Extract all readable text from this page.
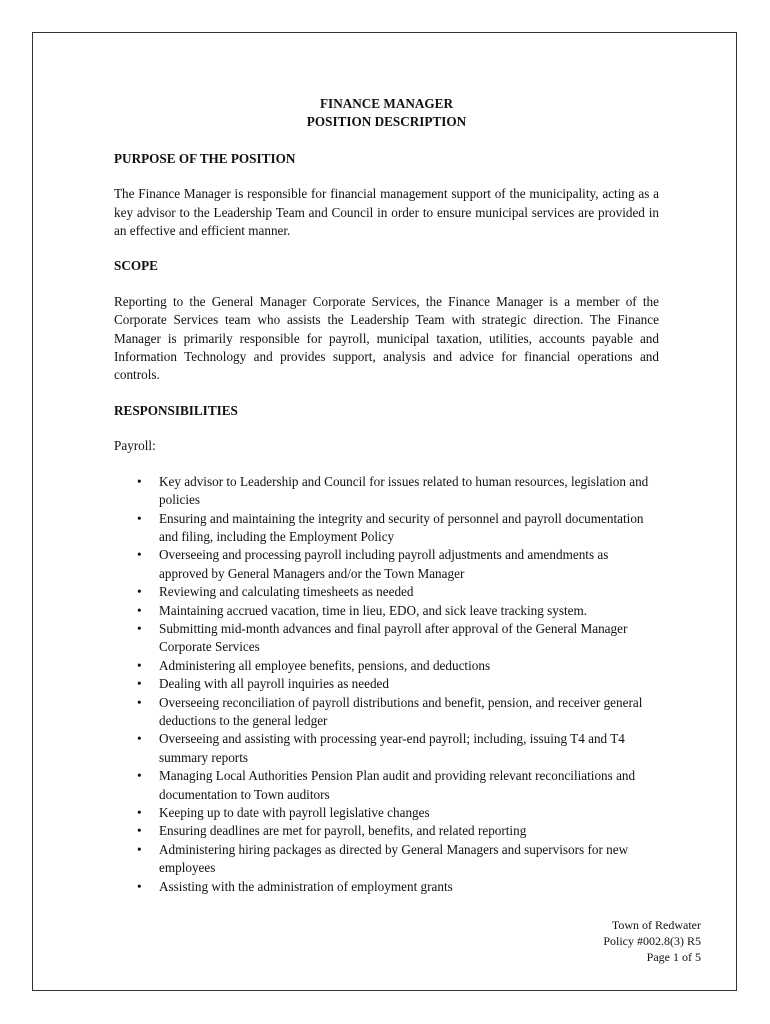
FINANCE MANAGER
POSITION DESCRIPTION
PURPOSE OF THE POSITION

The Finance Manager is responsible for financial management support of the municipality, acting as a key advisor to the Leadership Team and Council in order to ensure municipal services are provided in an effective and efficient manner.

SCOPE

Reporting to the General Manager Corporate Services, the Finance Manager is a member of the Corporate Services team who assists the Leadership Team with strategic direction. The Finance Manager is primarily responsible for payroll, municipal taxation, utilities, accounts payable and Information Technology and provides support, analysis and advice for financial operations and controls.

RESPONSIBILITIES

Payroll:

• Key advisor to Leadership and Council for issues related to human resources, legislation and policies
• Ensuring and maintaining the integrity and security of personnel and payroll documentation and filing, including the Employment Policy
• Overseeing and processing payroll including payroll adjustments and amendments as approved by General Managers and/or the Town Manager
• Reviewing and calculating timesheets as needed
• Maintaining accrued vacation, time in lieu, EDO, and sick leave tracking system.
• Submitting mid-month advances and final payroll after approval of the General Manager Corporate Services
• Administering all employee benefits, pensions, and deductions
• Dealing with all payroll inquiries as needed
• Overseeing reconciliation of payroll distributions and benefit, pension, and receiver general deductions to the general ledger
• Overseeing and assisting with processing year-end payroll; including, issuing T4 and T4 summary reports
• Managing Local Authorities Pension Plan audit and providing relevant reconciliations and documentation to Town auditors
• Keeping up to date with payroll legislative changes
• Ensuring deadlines are met for payroll, benefits, and related reporting
• Administering hiring packages as directed by General Managers and supervisors for new employees
• Assisting with the administration of employment grants
Town of Redwater
Policy #002.8(3) R5
Page 1 of 5
